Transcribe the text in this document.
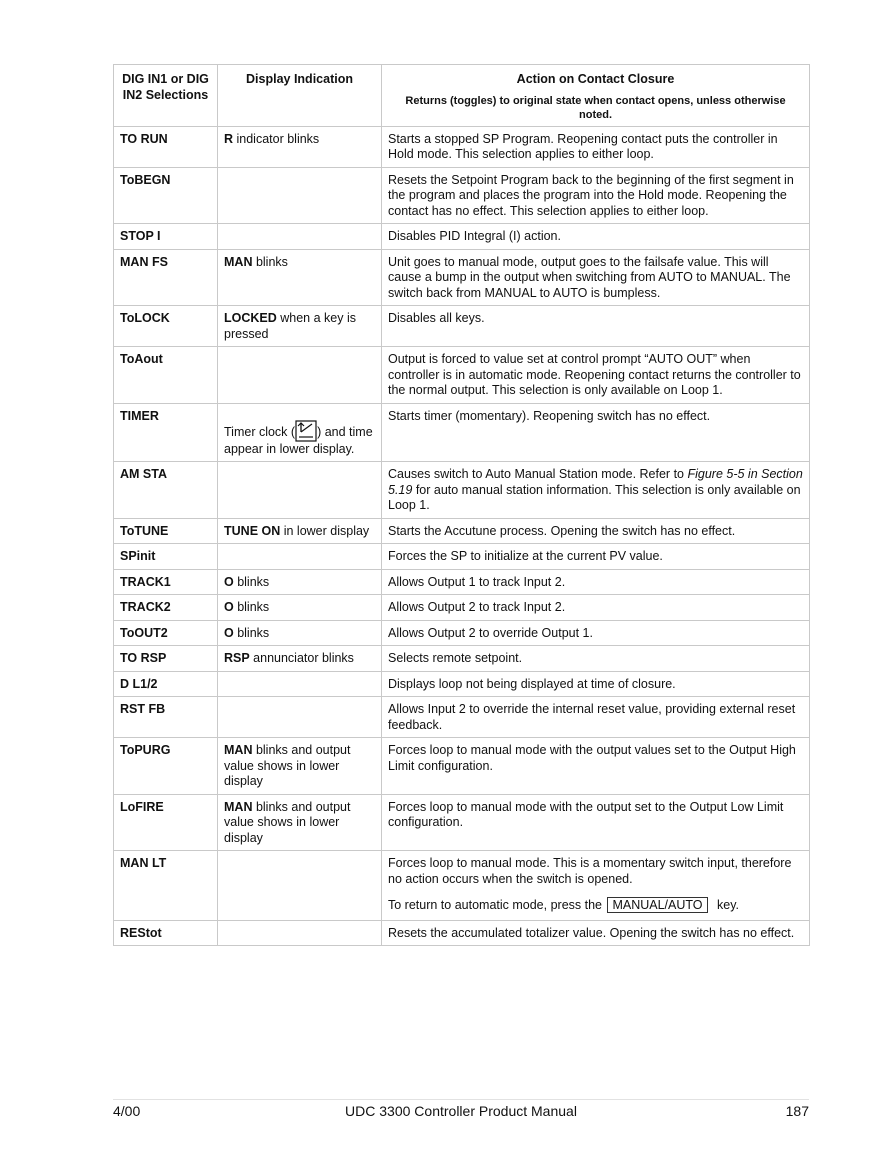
DIG IN1 or DIG IN2 Selections	Display Indication	Action on Contact Closure
Returns (toggles) to original state when contact opens, unless otherwise noted.

TO RUN	R indicator blinks	Starts a stopped SP Program. Reopening contact puts the controller in Hold mode. This selection applies to either loop.
ToBEGN		Resets the Setpoint Program back to the beginning of the first segment in the program and places the program into the Hold mode. Reopening the contact has no effect. This selection applies to either loop.
STOP I		Disables PID Integral (I) action.
MAN FS	MAN blinks	Unit goes to manual mode, output goes to the failsafe value. This will cause a bump in the output when switching from AUTO to MANUAL. The switch back from MANUAL to AUTO is bumpless.
ToLOCK	LOCKED when a key is pressed	Disables all keys.
ToAout		Output is forced to value set at control prompt “AUTO OUT” when controller is in automatic mode. Reopening contact returns the controller to the normal output. This selection is only available on Loop 1.
TIMER	Timer clock ( ) and time appear in lower display.	Starts timer (momentary). Reopening switch has no effect.
AM STA		Causes switch to Auto Manual Station mode. Refer to Figure 5-5 in Section 5.19 for auto manual station information. This selection is only available on Loop 1.
ToTUNE	TUNE ON in lower display	Starts the Accutune process. Opening the switch has no effect.
SPinit		Forces the SP to initialize at the current PV value.
TRACK1	O blinks	Allows Output 1 to track Input 2.
TRACK2	O blinks	Allows Output 2 to track Input 2.
ToOUT2	O blinks	Allows Output 2 to override Output 1.
TO RSP	RSP annunciator blinks	Selects remote setpoint.
D L1/2		Displays loop not being displayed at time of closure.
RST FB		Allows Input 2 to override the internal reset value, providing external reset feedback.
ToPURG	MAN blinks and output value shows in lower display	Forces loop to manual mode with the output values set to the Output High Limit configuration.
LoFIRE	MAN blinks and output value shows in lower display	Forces loop to manual mode with the output set to the Output Low Limit configuration.
MAN LT		Forces loop to manual mode. This is a momentary switch input, therefore no action occurs when the switch is opened.
To return to automatic mode, press the MANUAL/AUTO key.

REStot		Resets the accumulated totalizer value. Opening the switch has no effect.
4/00	UDC 3300 Controller Product Manual	187
